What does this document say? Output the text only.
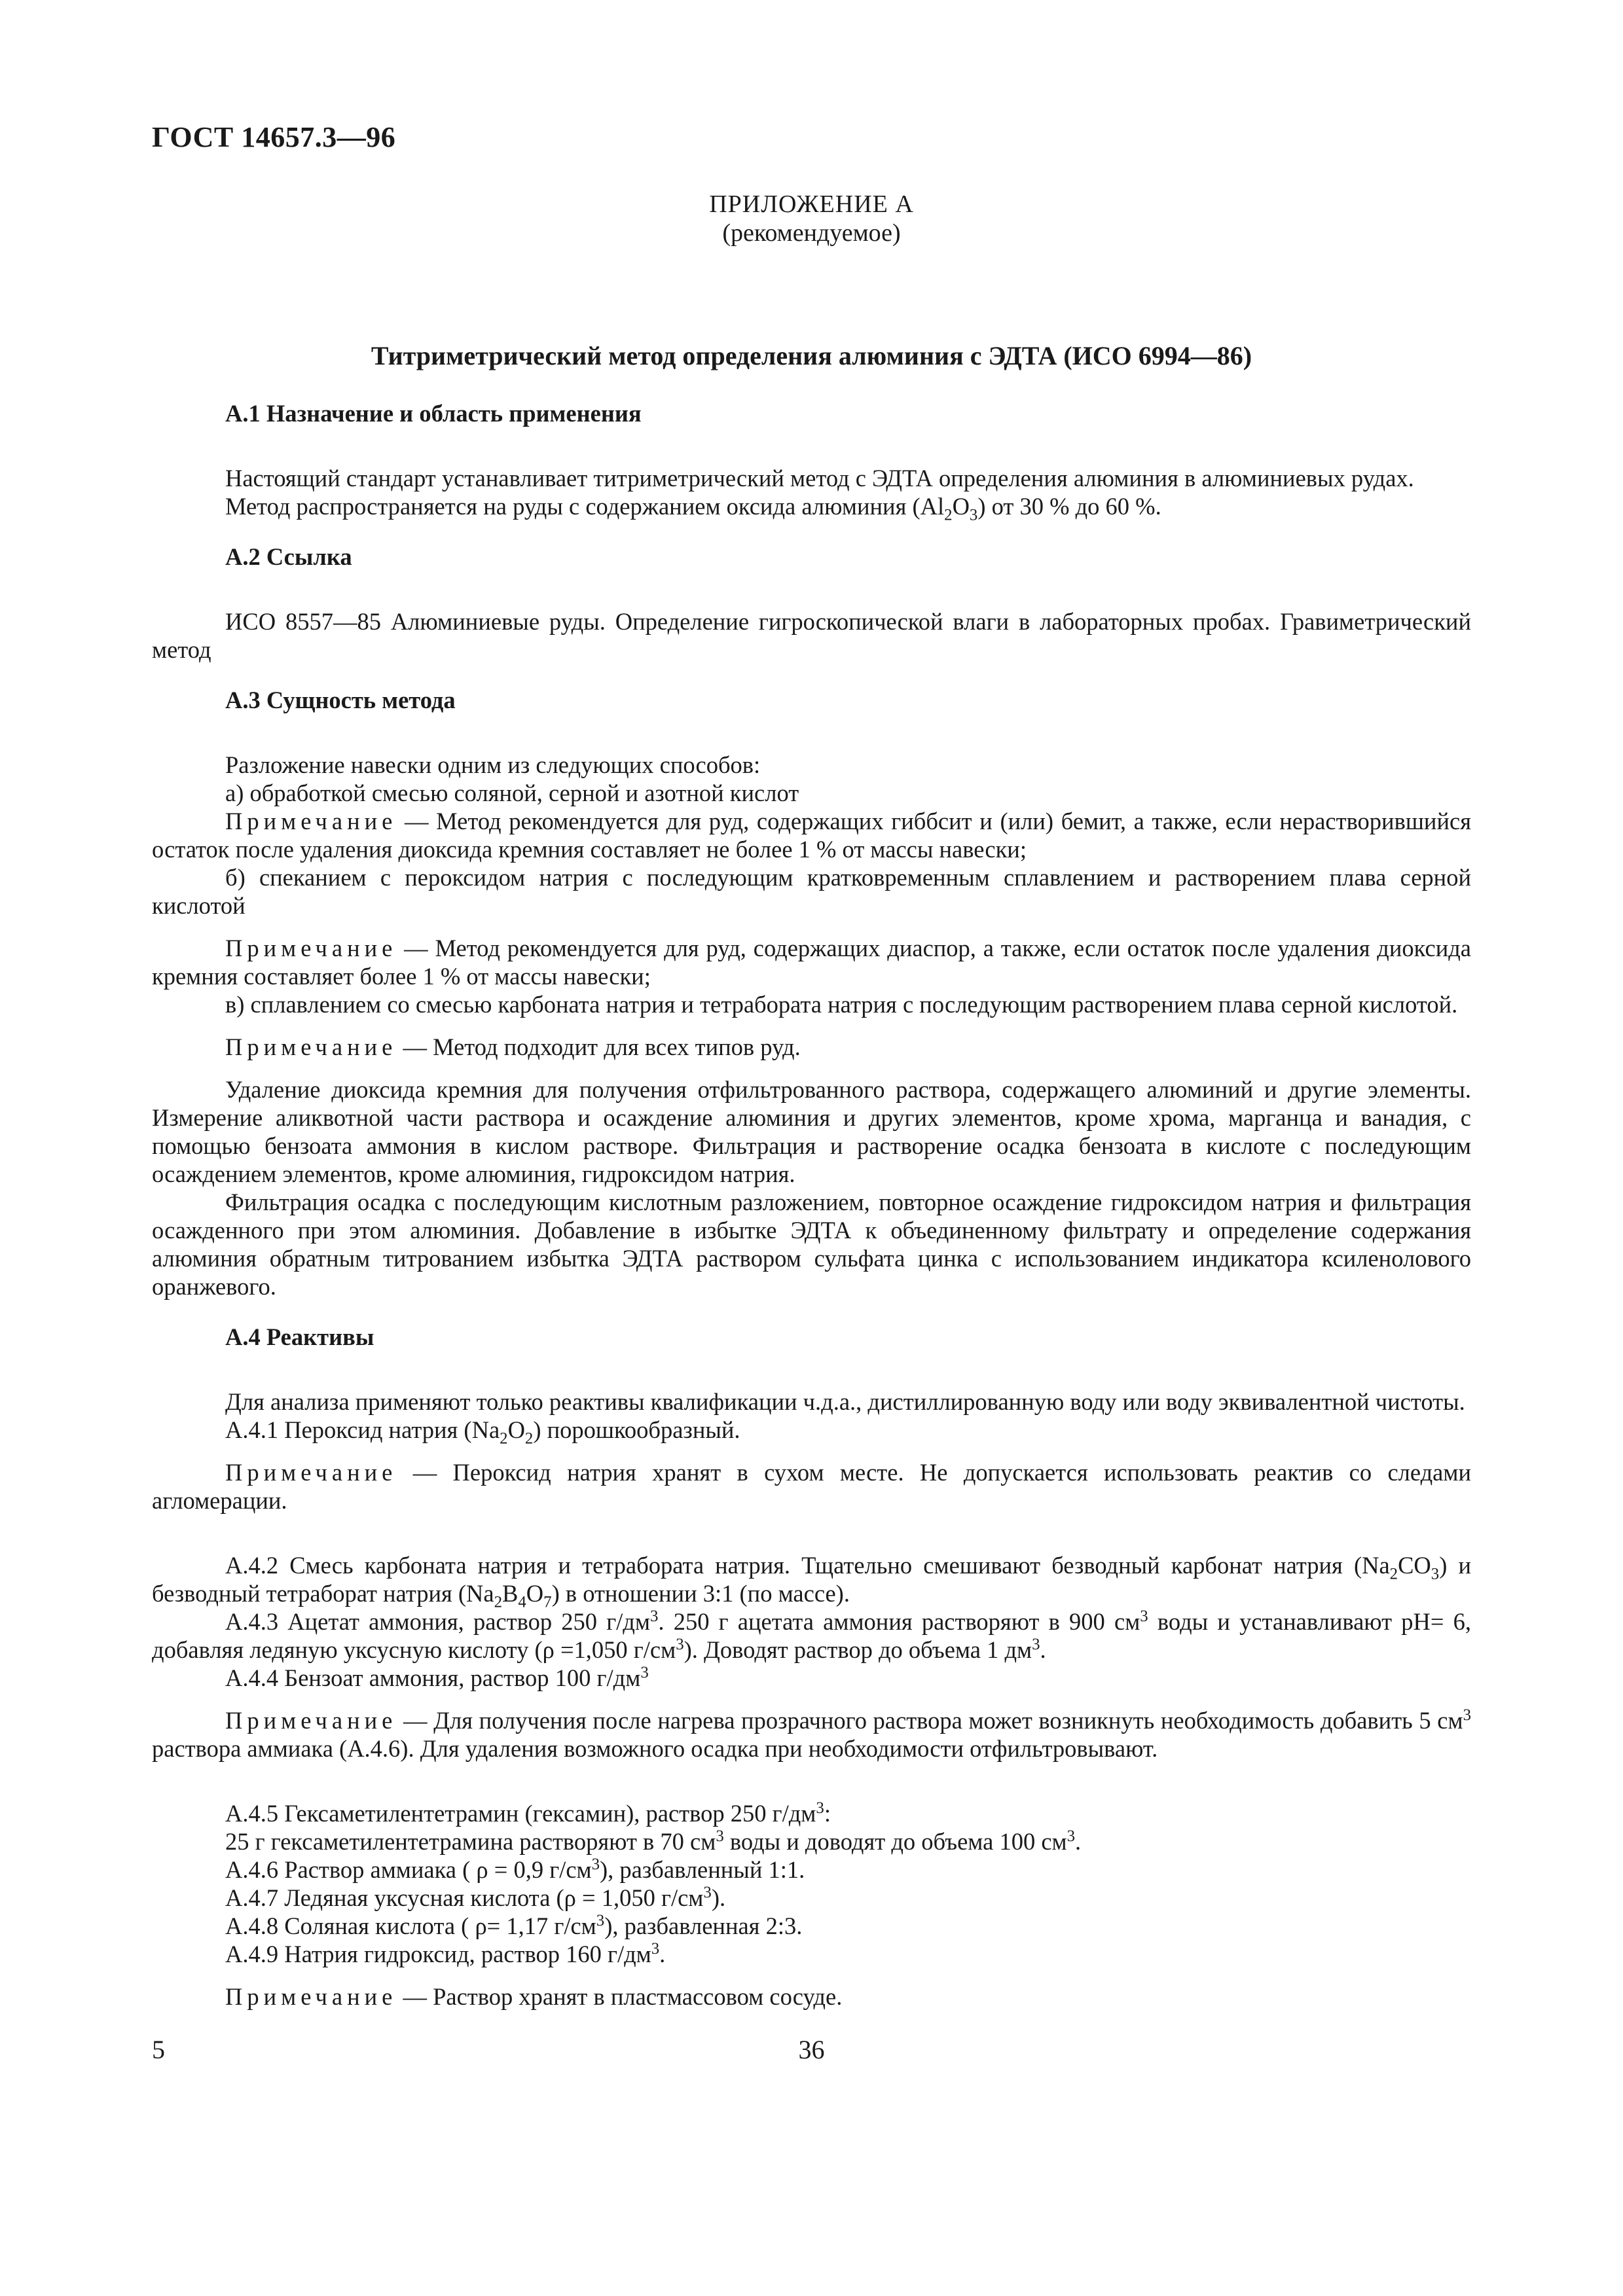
ГОСТ 14657.3—96
ПРИЛОЖЕНИЕ А
(рекомендуемое)
Титриметрический метод определения алюминия с ЭДТА (ИСО 6994—86)
А.1 Назначение и область применения

Настоящий стандарт устанавливает титриметрический метод с ЭДТА определения алюминия в алюминиевых рудах.

Метод распространяется на руды с содержанием оксида алюминия $(Al_2O_3)$ от 30 % до 60 %.

А.2 Ссылка

ИСО 8557—85 Алюминиевые руды. Определение гигроскопической влаги в лабораторных пробах. Гравиметрический метод

А.3 Сущность метода

Разложение навески одним из следующих способов:

а) обработкой смесью соляной, серной и азотной кислот

Примечание — Метод рекомендуется для руд, содержащих гиббсит и (или) бемит, а также, если нерастворившийся остаток после удаления диоксида кремния составляет не более 1 % от массы навески;

б) спеканием с пероксидом натрия с последующим кратковременным сплавлением и растворением плава серной кислотой

Примечание — Метод рекомендуется для руд, содержащих диаспор, а также, если остаток после удаления диоксида кремния составляет более 1 % от массы навески;

в) сплавлением со смесью карбоната натрия и тетрабората натрия с последующим растворением плава серной кислотой.

Примечание — Метод подходит для всех типов руд.

Удаление диоксида кремния для получения отфильтрованного раствора, содержащего алюминий и другие элементы. Измерение аликвотной части раствора и осаждение алюминия и других элементов, кроме хрома, марганца и ванадия, с помощью бензоата аммония в кислом растворе. Фильтрация и растворение осадка бензоата в кислоте с последующим осаждением элементов, кроме алюминия, гидроксидом натрия.

Фильтрация осадка с последующим кислотным разложением, повторное осаждение гидроксидом натрия и фильтрация осажденного при этом алюминия. Добавление в избытке ЭДТА к объединенному фильтрату и определение содержания алюминия обратным титрованием избытка ЭДТА раствором сульфата цинка с использованием индикатора ксиленолового оранжевого.

А.4 Реактивы

Для анализа применяют только реактивы квалификации ч.д.а., дистиллированную воду или воду эквивалентной чистоты.

А.4.1 Пероксид натрия $(Na_2O_2)$ порошкообразный.

Примечание — Пероксид натрия хранят в сухом месте. Не допускается использовать реактив со следами агломерации.

А.4.2 Смесь карбоната натрия и тетрабората натрия. Тщательно смешивают безводный карбонат натрия $(Na_2CO_3)$ и безводный тетраборат натрия $(Na_2B_4O_7)$ в отношении 3:1 (по массе).

А.4.3 Ацетат аммония, раствор 250 $г/дм^3$. 250 г ацетата аммония растворяют в 900 $см^3$ воды и устанавливают рН= 6, добавляя ледяную уксусную кислоту (ρ =1,050 $г/см^3$). Доводят раствор до объема 1 $дм^3$.

А.4.4 Бензоат аммония, раствор 100 $г/дм^3$

Примечание — Для получения после нагрева прозрачного раствора может возникнуть необходимость добавить 5 $см^3$ раствора аммиака (А.4.6). Для удаления возможного осадка при необходимости отфильтровывают.

А.4.5 Гексаметилентетрамин (гексамин), раствор 250 $г/дм^3$:

25 г гексаметилентетрамина растворяют в 70 $см^3$ воды и доводят до объема 100 $см^3$.

А.4.6 Раствор аммиака ( ρ = 0,9 $г/см^3$), разбавленный 1:1.

А.4.7 Ледяная уксусная кислота (ρ = 1,050 $г/см^3$).

А.4.8 Соляная кислота ( ρ= 1,17 $г/см^3$), разбавленная 2:3.

А.4.9 Натрия гидроксид, раствор 160 $г/дм^3$.

Примечание — Раствор хранят в пластмассовом сосуде.

5	36
